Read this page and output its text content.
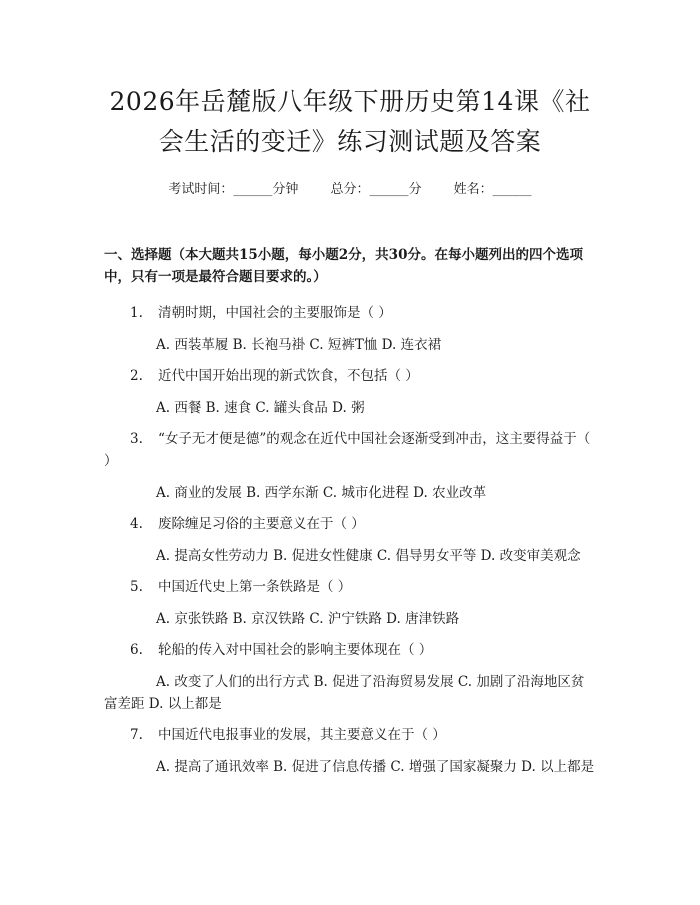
2026年岳麓版八年级下册历史第14课《社会生活的变迁》练习测试题及答案
考试时间：______分钟 总分：______分 姓名：______
一、选择题（本大题共15小题，每小题2分，共30分。在每小题列出的四个选项中，只有一项是最符合题目要求的。）

1. 清朝时期，中国社会的主要服饰是（ ）

A. 西装革履 B. 长袍马褂 C. 短裤T恤 D. 连衣裙

2. 近代中国开始出现的新式饮食，不包括（ ）

A. 西餐 B. 速食 C. 罐头食品 D. 粥

3. “女子无才便是德”的观念在近代中国社会逐渐受到冲击，这主要得益于（ ）

A. 商业的发展 B. 西学东渐 C. 城市化进程 D. 农业改革

4. 废除缠足习俗的主要意义在于（ ）

A. 提高女性劳动力 B. 促进女性健康 C. 倡导男女平等 D. 改变审美观念

5. 中国近代史上第一条铁路是（ ）

A. 京张铁路 B. 京汉铁路 C. 沪宁铁路 D. 唐津铁路

6. 轮船的传入对中国社会的影响主要体现在（ ）

A. 改变了人们的出行方式 B. 促进了沿海贸易发展 C. 加剧了沿海地区贫富差距 D. 以上都是

7. 中国近代电报事业的发展，其主要意义在于（ ）

A. 提高了通讯效率 B. 促进了信息传播 C. 增强了国家凝聚力 D. 以上都是
